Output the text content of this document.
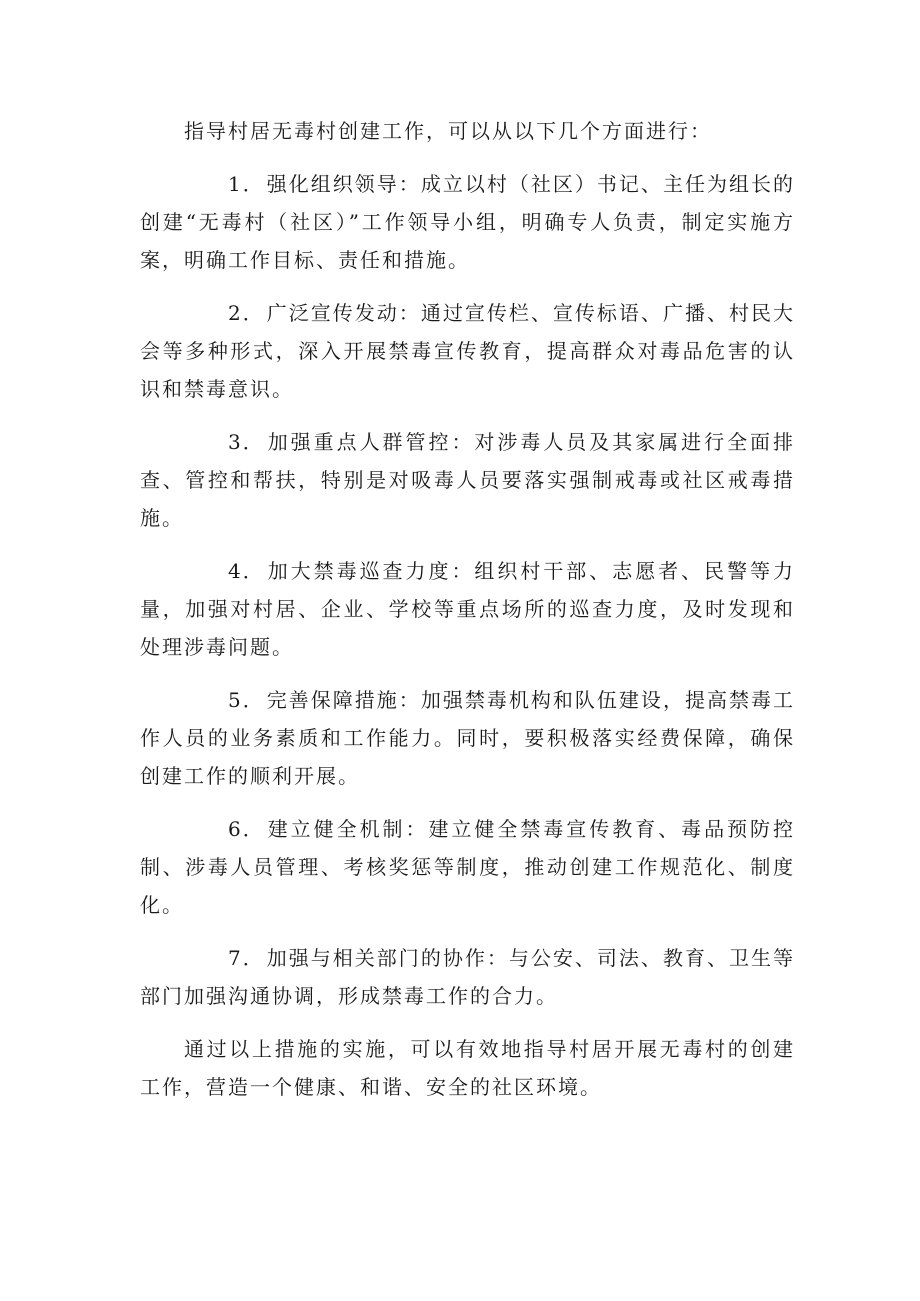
指导村居无毒村创建工作，可以从以下几个方面进行：

1． 强化组织领导：成立以村（社区）书记、主任为组长的创建“无毒村（社区）”工作领导小组，明确专人负责，制定实施方案，明确工作目标、责任和措施。

2． 广泛宣传发动：通过宣传栏、宣传标语、广播、村民大会等多种形式，深入开展禁毒宣传教育，提高群众对毒品危害的认识和禁毒意识。

3． 加强重点人群管控：对涉毒人员及其家属进行全面排查、管控和帮扶，特别是对吸毒人员要落实强制戒毒或社区戒毒措施。

4． 加大禁毒巡查力度：组织村干部、志愿者、民警等力量，加强对村居、企业、学校等重点场所的巡查力度，及时发现和处理涉毒问题。

5． 完善保障措施：加强禁毒机构和队伍建设，提高禁毒工作人员的业务素质和工作能力。同时，要积极落实经费保障，确保创建工作的顺利开展。

6． 建立健全机制：建立健全禁毒宣传教育、毒品预防控制、涉毒人员管理、考核奖惩等制度，推动创建工作规范化、制度化。

7． 加强与相关部门的协作：与公安、司法、教育、卫生等部门加强沟通协调，形成禁毒工作的合力。

通过以上措施的实施，可以有效地指导村居开展无毒村的创建工作，营造一个健康、和谐、安全的社区环境。
